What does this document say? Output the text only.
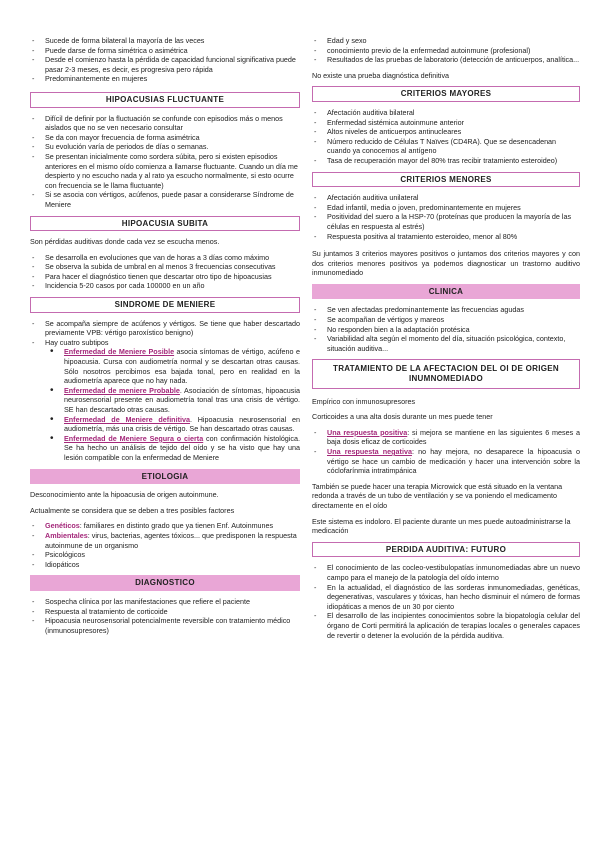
- Sucede de forma bilateral la mayoría de las veces
- Puede darse de forma simétrica o asimétrica
- Desde el comienzo hasta la pérdida de capacidad funcional significativa puede pasar 2-3 meses, es decir, es progresiva pero rápida
- Predominantemente en mujeres
HIPOACUSIAS FLUCTUANTE
- Difícil de definir por la fluctuación se confunde con episodios más o menos aislados que no se ven necesario consultar
- Se da con mayor frecuencia de forma asimétrica
- Su evolución varía de periodos de días o semanas.
- Se presentan inicialmente como sordera súbita, pero si existen episodios anteriores en el mismo oído comienza a llamarse fluctuante. Cuando un día me despierto y no escucho nada y al rato ya escucho normalmente, si esto ocurre con frecuencia se le llama fluctuante)
- Si se asocia con vértigos, acúfenos, puede pasar a considerarse Síndrome de Meniere
HIPOACUSIA SUBITA

Son pérdidas auditivas donde cada vez se escucha menos.

- Se desarrolla en evoluciones que van de horas a 3 días como máximo
- Se observa la subida de umbral en al menos 3 frecuencias consecutivas
- Para hacer el diagnóstico tienen que descartar otro tipo de hipoacusias
- Incidencia 5-20 casos por cada 100000 en un año
SINDROME DE MENIERE
- Se acompaña siempre de acúfenos y vértigos. Se tiene que haber descartado previamente VPB: vértigo paroxístico benigno)
- Hay cuatro subtipos
• Enfermedad de Meniere Posible asocia síntomas de vértigo, acúfeno e hipoacusia. Cursa con audiometría normal y se descartan otras causas. Sólo nosotros percibimos esa bajada tonal, pero en realidad en la audiometría aparece que no hay nada.
• Enfermedad de meniere Probable. Asociación de síntomas, hipoacusia neurosensorial presente en audiometría tonal tras una crisis de vértigo. SE han descartado otras causas.
• Enfermedad de Meniere definitiva. Hipoacusia neurosensorial en audiometría, más una crisis de vértigo. Se han descartado otras causas.
• Enfermedad de Meniere Segura o cierta con confirmación histológica. Se ha hecho un análisis de tejido del oído y se ha visto que hay una lesión compatible con la enfermedad de Meniere
ETIOLOGIA

Desconocimiento ante la hipoacusia de origen autoinmune.

Actualmente se considera que se deben a tres posibles factores

- Genéticos: familiares en distinto grado que ya tienen Enf. Autoinmunes
- Ambientales: virus, bacterias, agentes tóxicos... que predisponen la respuesta autoinmune de un organismo
- Psicológicos
- Idiopáticos
DIAGNOSTICO
- Sospecha clínica por las manifestaciones que refiere el paciente
- Respuesta al tratamiento de corticoide
- Hipoacusia neurosensorial potencialmente reversible con tratamiento médico (inmunosupresores)
- Edad y sexo
- conocimiento previo de la enfermedad autoinmune (profesional)
- Resultados de las pruebas de laboratorio (detección de anticuerpos, analítica...

No existe una prueba diagnóstica definitiva

CRITERIOS MAYORES
- Afectación auditiva bilateral
- Enfermedad sistémica autoinmune anterior
- Altos niveles de anticuerpos antinucleares
- Número reducido de Células T Naïves (CD4RA). Que se desencadenan cuando ya conocemos al antígeno
- Tasa de recuperación mayor del 80% tras recibir tratamiento esteroideo)
CRITERIOS MENORES
- Afectación auditiva unilateral
- Edad infantil, media o joven, predominantemente en mujeres
- Positividad del suero a la HSP-70 (proteínas que producen la mayoría de las células en respuesta al estrés)
- Respuesta positiva al tratamiento esteroideo, menor al 80%

Su juntamos 3 criterios mayores positivos o juntamos dos criterios mayores y con dos criterios menores positivos ya podemos diagnosticar un trastorno auditivo inmunomediado

CLINICA
- Se ven afectadas predominantemente las frecuencias agudas
- Se acompañan de vértigos y mareos
- No responden bien a la adaptación protésica
- Variabilidad alta según el momento del día, situación psicológica, contexto, situación auditiva...
TRATAMIENTO DE LA AFECTACION DEL OI DE ORIGEN INUMNOMEDIADO

Empírico con inmunosupresores

Corticoides a una alta dosis durante un mes puede tener

- Una respuesta positiva: si mejora se mantiene en las siguientes 6 meses a baja dosis eficaz de corticoides
- Una respuesta negativa: no hay mejora, no desaparece la hipoacusia o vértigo se hace un cambio de medicación y hacer una intervención sobre la cóclofarínmia intratimpánica

También se puede hacer una terapia Microwick que está situado en la ventana redonda a través de un tubo de ventilación y se va poniendo el medicamento directamente en el oído

Este sistema es indoloro. El paciente durante un mes puede autoadministrarse la medicación

PERDIDA AUDITIVA: FUTURO
- El conocimiento de las cocleo-vestibulopatías inmunomediadas abre un nuevo campo para el manejo de la patología del oído interno
- En la actualidad, el diagnóstico de las sorderas inmunomediadas, genéticas, degenerativas, vasculares y tóxicas, han hecho disminuir el número de formas idiopáticas a menos de un 30 por ciento
- El desarrollo de las incipientes conocimientos sobre la biopatología celular del órgano de Corti permitirá la aplicación de terapias locales o generales capaces de revertir o detener la evolución de la pérdida auditiva.
